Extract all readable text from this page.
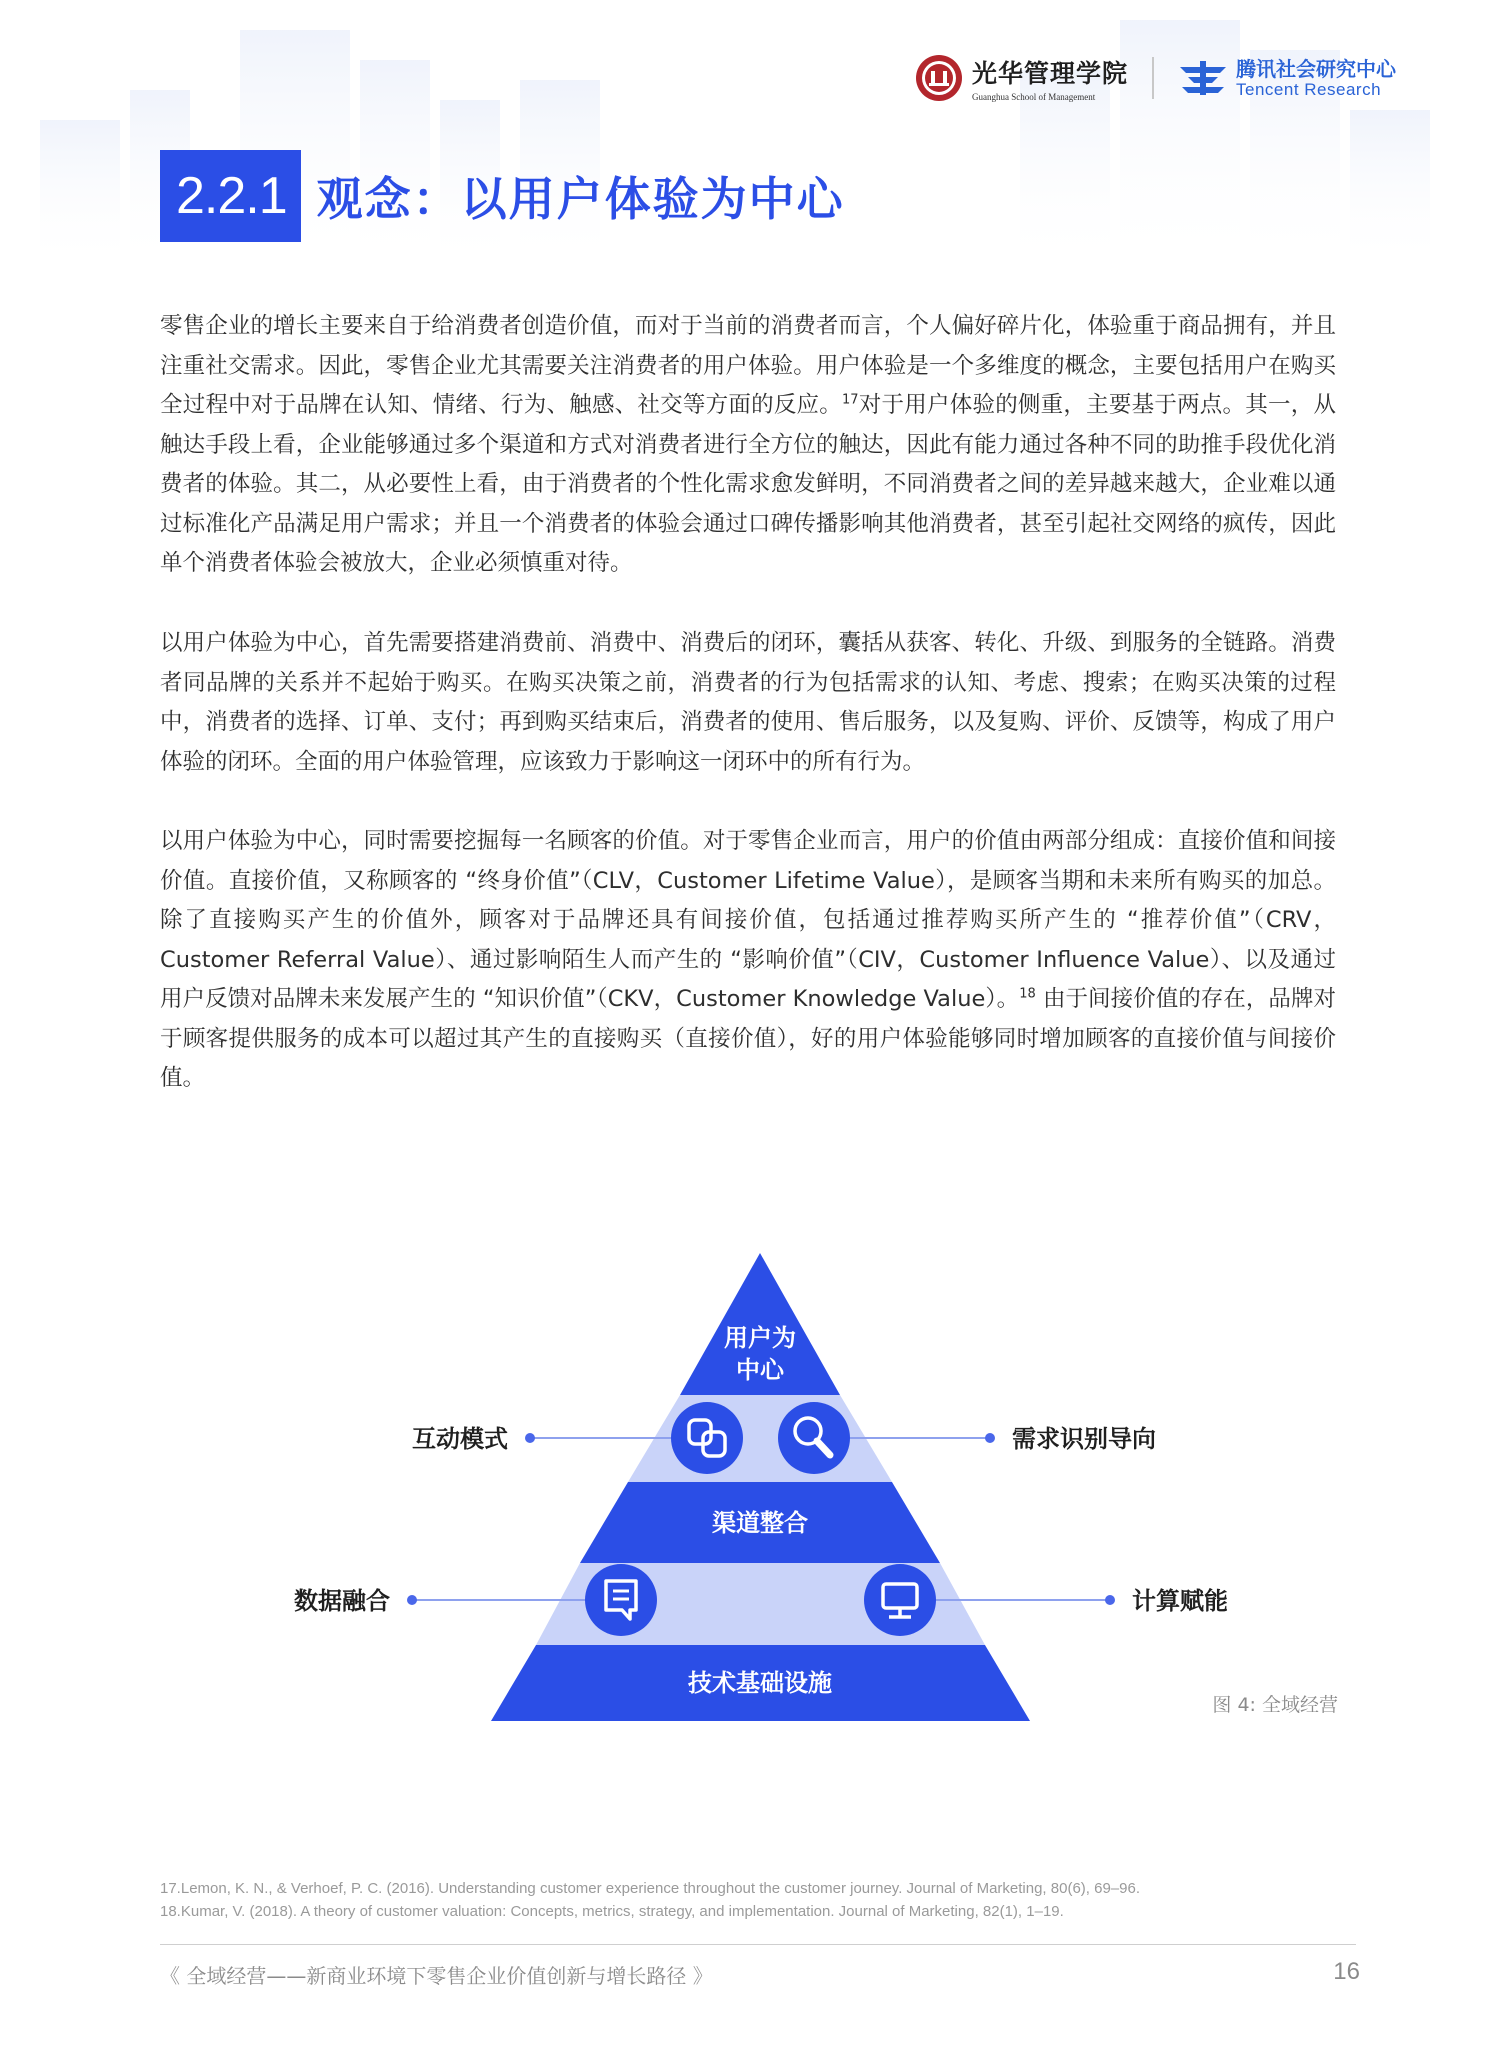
光华管理学院
Guanghua School of Management
腾讯社会研究中心
Tencent Research
2.2.1 观念：以用户体验为中心
零售企业的增长主要来自于给消费者创造价值，而对于当前的消费者而言，个人偏好碎片化，体验重于商品拥有，并且注重社交需求。因此，零售企业尤其需要关注消费者的用户体验。用户体验是一个多维度的概念，主要包括用户在购买全过程中对于品牌在认知、情绪、行为、触感、社交等方面的反应。$^{17}$对于用户体验的侧重，主要基于两点。其一，从触达手段上看，企业能够通过多个渠道和方式对消费者进行全方位的触达，因此有能力通过各种不同的助推手段优化消费者的体验。其二，从必要性上看，由于消费者的个性化需求愈发鲜明，不同消费者之间的差异越来越大，企业难以通过标准化产品满足用户需求；并且一个消费者的体验会通过口碑传播影响其他消费者，甚至引起社交网络的疯传，因此单个消费者体验会被放大，企业必须慎重对待。
以用户体验为中心，首先需要搭建消费前、消费中、消费后的闭环，囊括从获客、转化、升级、到服务的全链路。消费者同品牌的关系并不起始于购买。在购买决策之前，消费者的行为包括需求的认知、考虑、搜索；在购买决策的过程中，消费者的选择、订单、支付；再到购买结束后，消费者的使用、售后服务，以及复购、评价、反馈等，构成了用户体验的闭环。全面的用户体验管理，应该致力于影响这一闭环中的所有行为。
以用户体验为中心，同时需要挖掘每一名顾客的价值。对于零售企业而言，用户的价值由两部分组成：直接价值和间接价值。直接价值，又称顾客的 “终身价值”（CLV，Customer Lifetime Value），是顾客当期和未来所有购买的加总。除了直接购买产生的价值外，顾客对于品牌还具有间接价值，包括通过推荐购买所产生的 “推荐价值”（CRV，Customer Referral Value）、通过影响陌生人而产生的 “影响价值”（CIV，Customer Influence Value）、以及通过用户反馈对品牌未来发展产生的 “知识价值”（CKV，Customer Knowledge Value）。$^{18}$ 由于间接价值的存在，品牌对于顾客提供服务的成本可以超过其产生的直接购买（直接价值），好的用户体验能够同时增加顾客的直接价值与间接价值。
用户为
中心
渠道整合
技术基础设施
互动模式	需求识别导向
数据融合	计算赋能
图 4: 全域经营
17.Lemon, K. N., & Verhoef, P. C. (2016). Understanding customer experience throughout the customer journey. Journal of Marketing, 80(6), 69–96.
18.Kumar, V. (2018). A theory of customer valuation: Concepts, metrics, strategy, and implementation. Journal of Marketing, 82(1), 1–19.
《 全域经营——新商业环境下零售企业价值创新与增长路径 》	16
